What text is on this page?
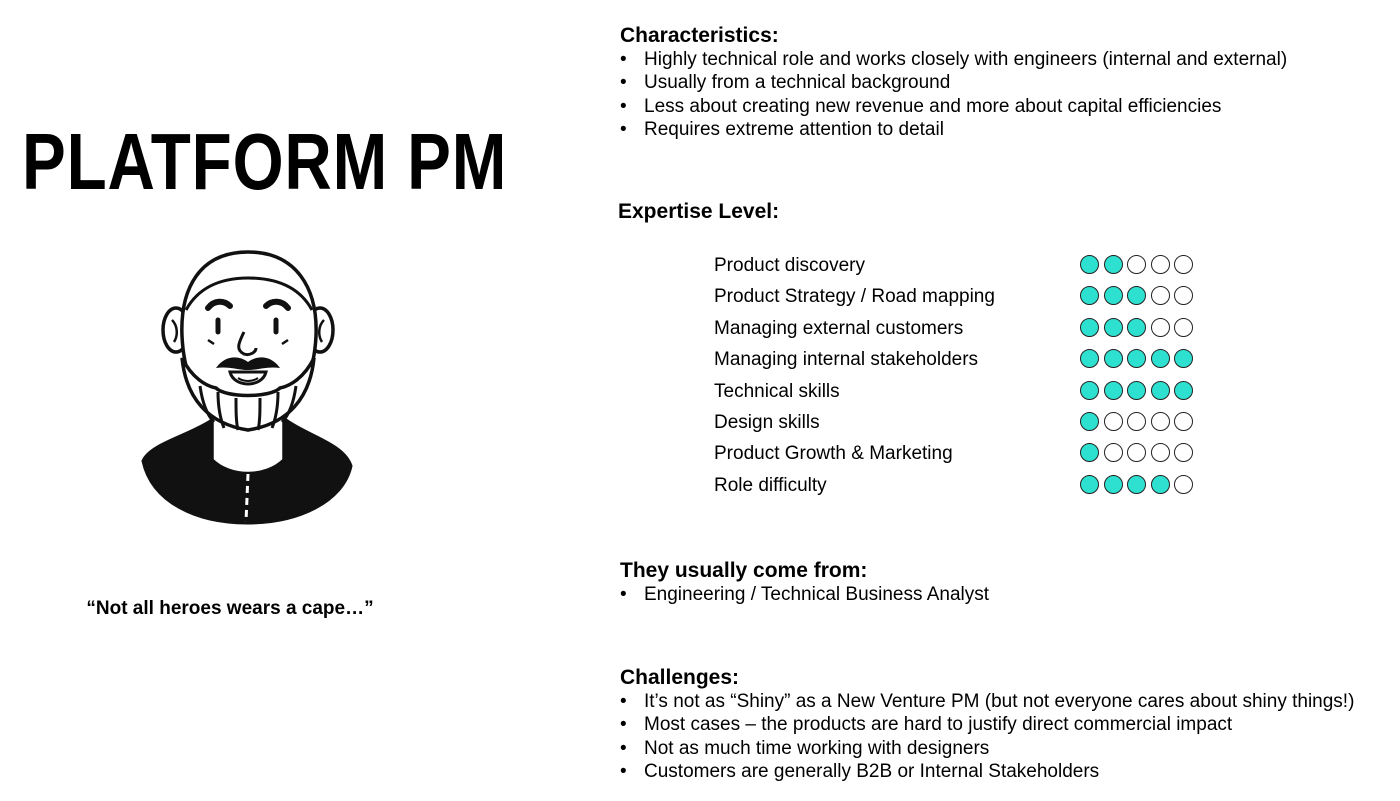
PLATFORM PM
“Not all heroes wears a cape…”
Characteristics:
• Highly technical role and works closely with engineers (internal and external)
• Usually from a technical background
• Less about creating new revenue and more about capital efficiencies
• Requires extreme attention to detail
Expertise Level:
Product discovery
Product Strategy / Road mapping
Managing external customers
Managing internal stakeholders
Technical skills
Design skills
Product Growth & Marketing
Role difficulty
They usually come from:
• Engineering / Technical Business Analyst
Challenges:
• It’s not as “Shiny” as a New Venture PM (but not everyone cares about shiny things!)
• Most cases – the products are hard to justify direct commercial impact
• Not as much time working with designers
• Customers are generally B2B or Internal Stakeholders
